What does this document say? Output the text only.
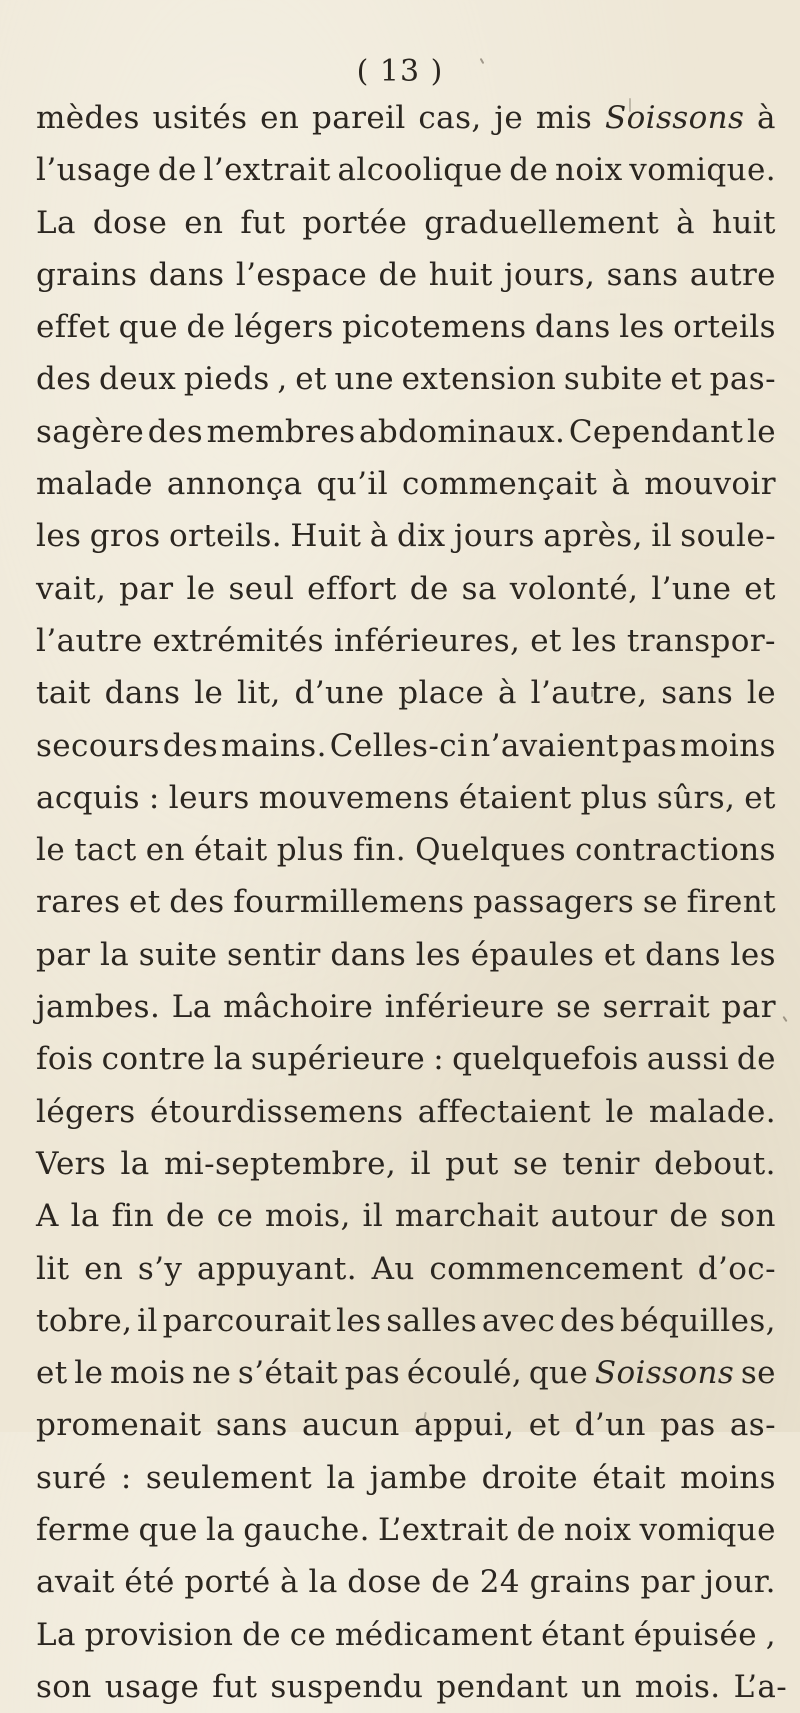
( 13 )
mèdes usités en pareil cas, je mis Soissons à
l’usage de l’extrait alcoolique de noix vomique.
La dose en fut portée graduellement à huit
grains dans l’espace de huit jours, sans autre
effet que de légers picotemens dans les orteils
des deux pieds , et une extension subite et pas-
sagère des membres abdominaux. Cependant le
malade annonça qu’il commençait à mouvoir
les gros orteils. Huit à dix jours après, il soule-
vait, par le seul effort de sa volonté, l’une et
l’autre extrémités inférieures, et les transpor-
tait dans le lit, d’une place à l’autre, sans le
secours des mains. Celles-ci n’avaient pas moins
acquis : leurs mouvemens étaient plus sûrs, et
le tact en était plus fin. Quelques contractions
rares et des fourmillemens passagers se firent
par la suite sentir dans les épaules et dans les
jambes. La mâchoire inférieure se serrait par
fois contre la supérieure : quelquefois aussi de
légers étourdissemens affectaient le malade.
Vers la mi-septembre, il put se tenir debout.
A la fin de ce mois, il marchait autour de son
lit en s’y appuyant. Au commencement d’oc-
tobre, il parcourait les salles avec des béquilles,
et le mois ne s’était pas écoulé, que Soissons se
promenait sans aucun appui, et d’un pas as-
suré : seulement la jambe droite était moins
ferme que la gauche. L’extrait de noix vomique
avait été porté à la dose de 24 grains par jour.
La provision de ce médicament étant épuisée ,
son usage fut suspendu pendant un mois. L’a-
